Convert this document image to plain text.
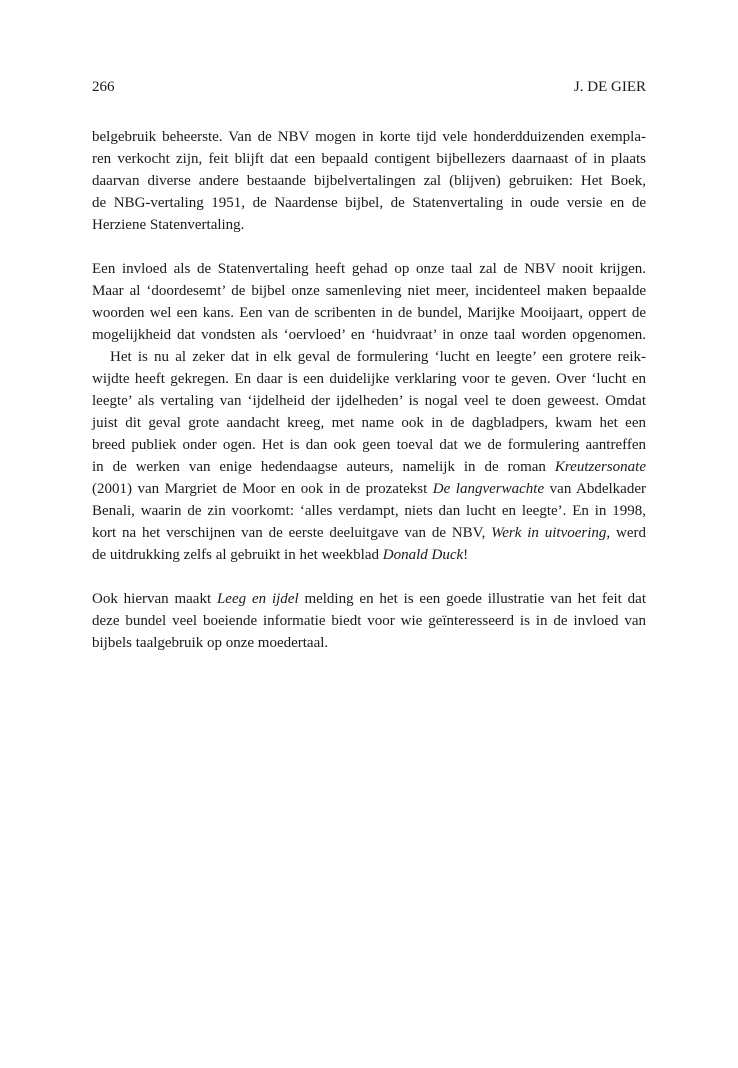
266	J. DE GIER
belgebruik beheerste. Van de NBV mogen in korte tijd vele honderdduizenden exempla-
ren verkocht zijn, feit blijft dat een bepaald contigent bijbellezers daarnaast of in plaats
daarvan diverse andere bestaande bijbelvertalingen zal (blijven) gebruiken: Het Boek,
de NBG-vertaling 1951, de Naardense bijbel, de Statenvertaling in oude versie en de
Herziene Statenvertaling.
Een invloed als de Statenvertaling heeft gehad op onze taal zal de NBV nooit krijgen.
Maar al ‘doordesemt’ de bijbel onze samenleving niet meer, incidenteel maken bepaalde
woorden wel een kans. Een van de scribenten in de bundel, Marijke Mooijaart, oppert de
mogelijkheid dat vondsten als ‘oervloed’ en ‘huidvraat’ in onze taal worden opgenomen.
Het is nu al zeker dat in elk geval de formulering ‘lucht en leegte’ een grotere reik-
wijdte heeft gekregen. En daar is een duidelijke verklaring voor te geven. Over ‘lucht en
leegte’ als vertaling van ‘ijdelheid der ijdelheden’ is nogal veel te doen geweest. Omdat
juist dit geval grote aandacht kreeg, met name ook in de dagbladpers, kwam het een
breed publiek onder ogen. Het is dan ook geen toeval dat we de formulering aantreffen
in de werken van enige hedendaagse auteurs, namelijk in de roman Kreutzersonate
(2001) van Margriet de Moor en ook in de prozatekst De langverwachte van Abdelkader
Benali, waarin de zin voorkomt: ‘alles verdampt, niets dan lucht en leegte’. En in 1998,
kort na het verschijnen van de eerste deeluitgave van de NBV, Werk in uitvoering, werd
de uitdrukking zelfs al gebruikt in het weekblad Donald Duck!
Ook hiervan maakt Leeg en ijdel melding en het is een goede illustratie van het feit dat
deze bundel veel boeiende informatie biedt voor wie geïnteresseerd is in de invloed van
bijbels taalgebruik op onze moedertaal.
